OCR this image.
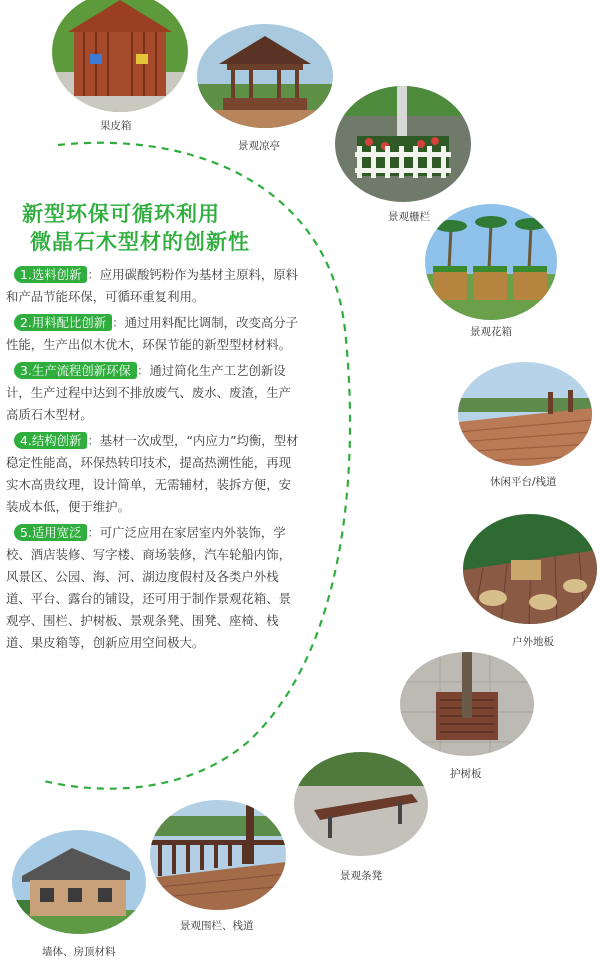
新型环保可循环利用
微晶石木型材的创新性
1.选料创新 ：应用碳酸钙粉作为基材主原料，原料和产品节能环保，可循环重复利用。
2.用料配比创新 ：通过用料配比调制，改变高分子性能，生产出似木优木，环保节能的新型型材材料。
3.生产流程创新环保 ：通过简化生产工艺创新设计，生产过程中达到不排放废气、废水、废渣，生产高质石木型材。
4.结构创新 ：基材一次成型，“内应力”均衡，型材稳定性能高，环保热转印技术，提高热溯性能，再现实木高贵纹理，设计简单，无需辅材，装拆方便，安装成本低，便于维护。
5.适用宽泛 ：可广泛应用在家居室内外装饰，学校、酒店装修、写字楼、商场装修，汽车轮船内饰，风景区、公园、海、河、湖边度假村及各类户外栈道、平台、露台的铺设，还可用于制作景观花箱、景观亭、围栏、护树板、景观条凳、围凳、座椅、栈道、果皮箱等，创新应用空间极大。
果皮箱
景观凉亭
景观栅栏
景观花箱
休闲平台/栈道
户外地板
护树板
景观条凳
景观围栏、栈道
墙体、房顶材料
